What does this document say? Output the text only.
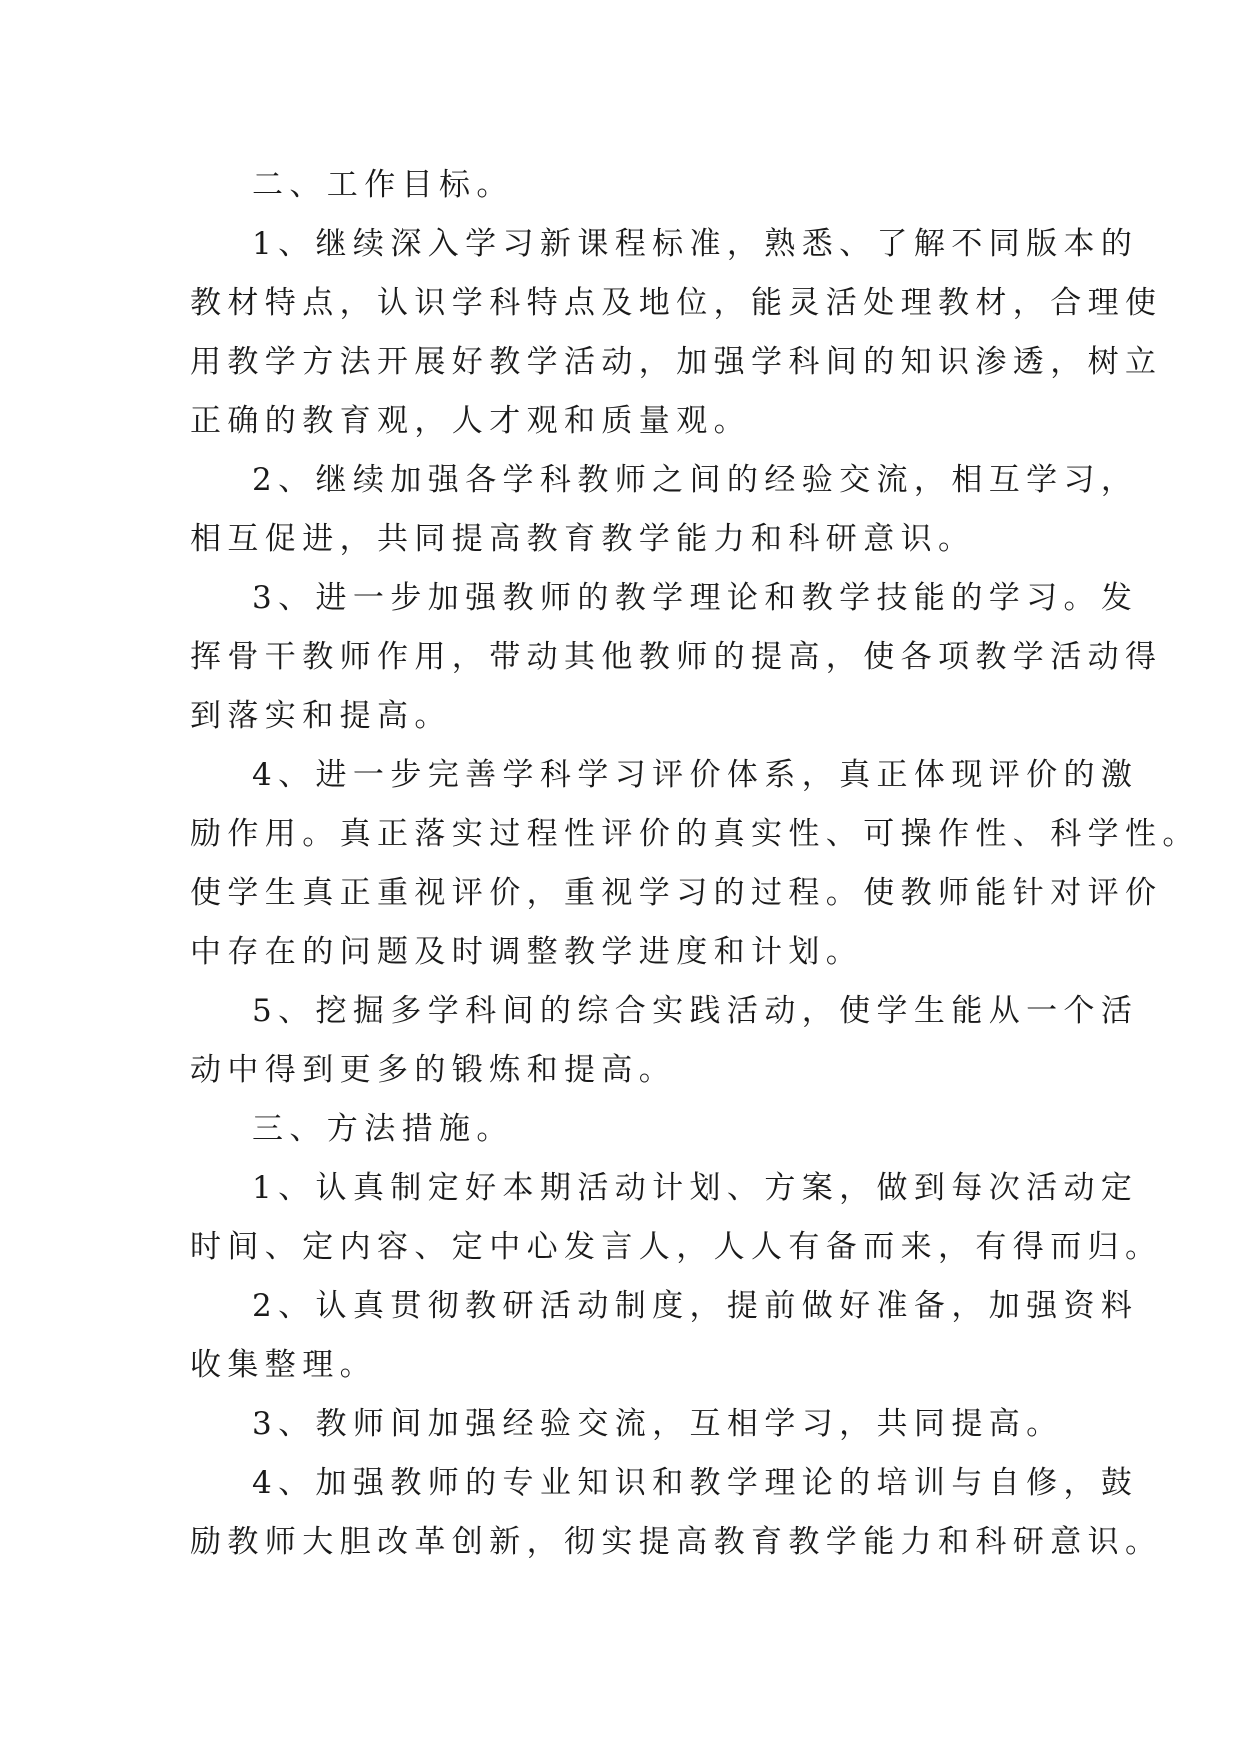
二、工作目标。
1、继续深入学习新课程标准，熟悉、了解不同版本的
教材特点，认识学科特点及地位，能灵活处理教材，合理使
用教学方法开展好教学活动，加强学科间的知识渗透，树立
正确的教育观，人才观和质量观。
2、继续加强各学科教师之间的经验交流，相互学习，
相互促进，共同提高教育教学能力和科研意识。
3、进一步加强教师的教学理论和教学技能的学习。发
挥骨干教师作用，带动其他教师的提高，使各项教学活动得
到落实和提高。
4、进一步完善学科学习评价体系，真正体现评价的激
励作用。真正落实过程性评价的真实性、可操作性、科学性。
使学生真正重视评价，重视学习的过程。使教师能针对评价
中存在的问题及时调整教学进度和计划。
5、挖掘多学科间的综合实践活动，使学生能从一个活
动中得到更多的锻炼和提高。
三、方法措施。
1、认真制定好本期活动计划、方案，做到每次活动定
时间、定内容、定中心发言人，人人有备而来，有得而归。
2、认真贯彻教研活动制度，提前做好准备，加强资料
收集整理。
3、教师间加强经验交流，互相学习，共同提高。
4、加强教师的专业知识和教学理论的培训与自修，鼓
励教师大胆改革创新，彻实提高教育教学能力和科研意识。
